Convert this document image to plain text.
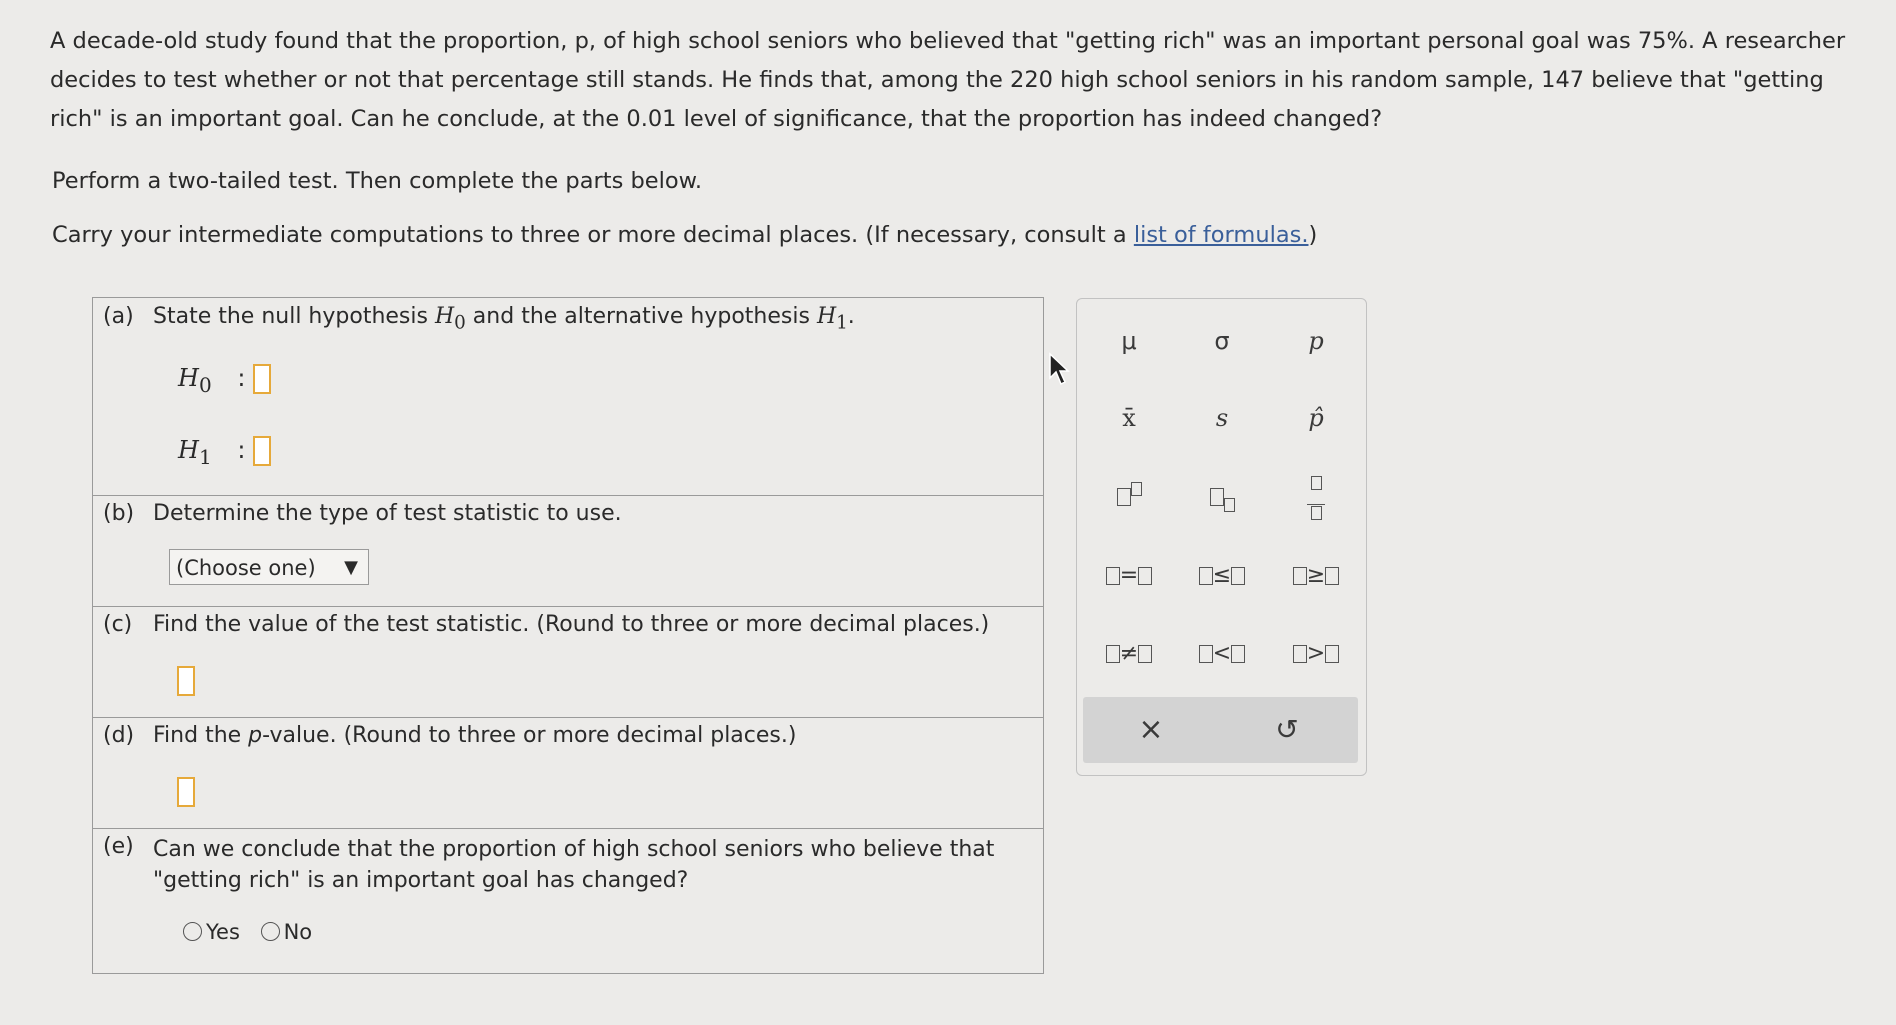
A decade-old study found that the proportion, p, of high school seniors who believed that "getting rich" was an important personal goal was 75%. A researcher decides to test whether or not that percentage still stands. He finds that, among the 220 high school seniors in his random sample, 147 believe that "getting rich" is an important goal. Can he conclude, at the 0.01 level of significance, that the proportion has indeed changed?

Perform a two-tailed test. Then complete the parts below.
Carry your intermediate computations to three or more decimal places. (If necessary, consult a list of formulas.)
(a) State the null hypothesis $H_0$ and the alternative hypothesis $H_1$.
$H_0$ :
$H_1$ :
(b) Determine the type of test statistic to use.
(Choose one) ▼
(c) Find the value of the test statistic. (Round to three or more decimal places.)
(d) Find the p-value. (Round to three or more decimal places.)
(e) Can we conclude that the proportion of high school seniors who believe that
"getting rich" is an important goal has changed?
Yes No
μ	σ	p
x̄	s	p̂

=	≤	≥
≠	<	>
×	↺
